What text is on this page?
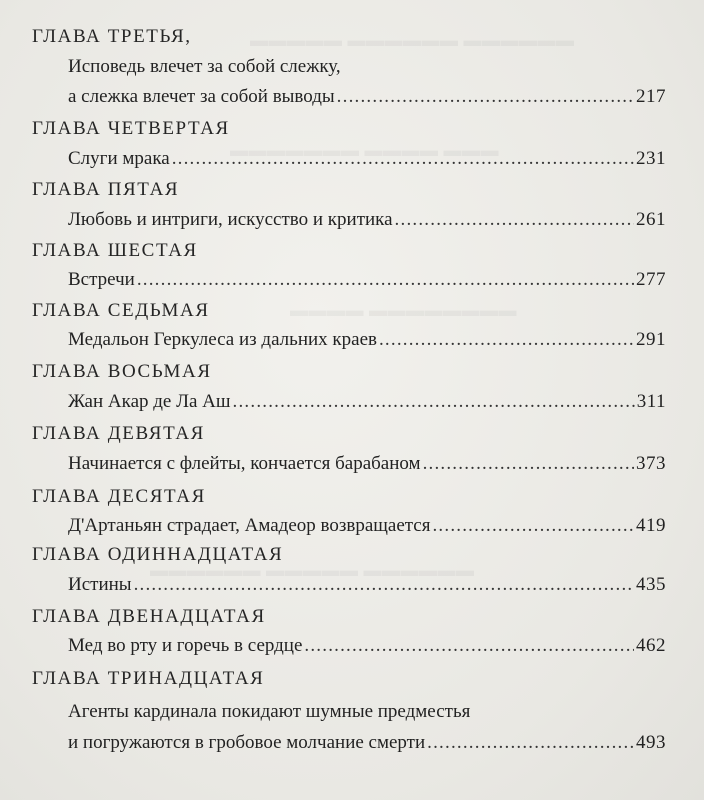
▬▬▬▬▬ ▬▬▬▬▬▬ ▬▬▬▬▬▬
▬▬▬▬▬▬▬ ▬▬▬▬ ▬▬▬
▬▬▬▬ ▬▬▬▬▬▬▬▬
▬▬▬▬▬▬ ▬▬▬▬▬ ▬▬▬▬▬▬
ГЛАВА ТРЕТЬЯ,
Исповедь влечет за собой слежку,
а слежка влечет за собой выводы .....	217
ГЛАВА ЧЕТВЕРТАЯ
Слуги мрака .....	231
ГЛАВА ПЯТАЯ
Любовь и интриги, искусство и критика .....	261
ГЛАВА ШЕСТАЯ
Встречи .....	277
ГЛАВА СЕДЬМАЯ
Медальон Геркулеса из дальних краев .....	291
ГЛАВА ВОСЬМАЯ
Жан Акар де Ла Аш .....	311
ГЛАВА ДЕВЯТАЯ
Начинается с флейты, кончается барабаном .....	373
ГЛАВА ДЕСЯТАЯ
Д'Артаньян страдает, Амадеор возвращается .....	419
ГЛАВА ОДИННАДЦАТАЯ
Истины .....	435
ГЛАВА ДВЕНАДЦАТАЯ
Мед во рту и горечь в сердце .....	462
ГЛАВА ТРИНАДЦАТАЯ
Агенты кардинала покидают шумные предместья
и погружаются в гробовое молчание смерти .....	493
